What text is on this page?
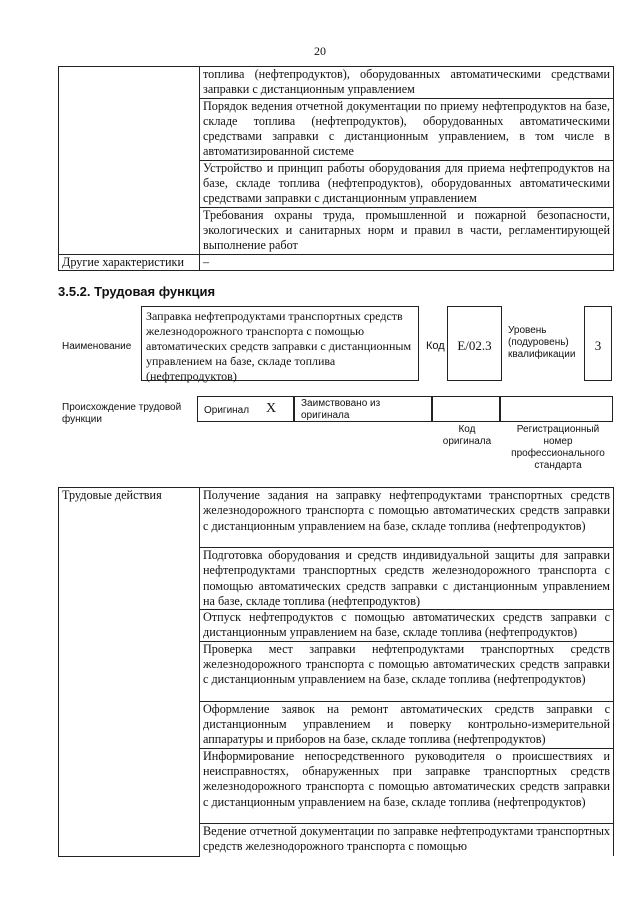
20
	топлива (нефтепродуктов), оборудованных автоматическими средствами заправки с дистанционным управлением
	Порядок ведения отчетной документации по приему нефтепродуктов на базе, складе топлива (нефтепродуктов), оборудованных автоматическими средствами заправки с дистанционным управлением, в том числе в автоматизированной системе
	Устройство и принцип работы оборудования для приема нефтепродуктов на базе, складе топлива (нефтепродуктов), оборудованных автоматическими средствами заправки с дистанционным управлением
	Требования охраны труда, промышленной и пожарной безопасности, экологических и санитарных норм и правил в части, регламентирующей выполнение работ
Другие характеристики	–
3.5.2. Трудовая функция
Наименование
Заправка нефтепродуктами транспортных средств железнодорожного транспорта с помощью автоматических средств заправки с дистанционным управлением на базе, складе топлива (нефтепродуктов)
Код E/02.3
Уровень (подуровень) квалификации
3
Происхождение трудовой функции
Оригинал X Заимствовано из оригинала
Код оригинала
Регистрационный номер профессионального стандарта
Трудовые действия	Получение задания на заправку нефтепродуктами транспортных средств железнодорожного транспорта с помощью автоматических средств заправки с дистанционным управлением на базе, складе топлива (нефтепродуктов)
Подготовка оборудования и средств индивидуальной защиты для заправки нефтепродуктами транспортных средств железнодорожного транспорта с помощью автоматических средств заправки с дистанционным управлением на базе, складе топлива (нефтепродуктов)
Отпуск нефтепродуктов с помощью автоматических средств заправки с дистанционным управлением на базе, складе топлива (нефтепродуктов)
Проверка мест заправки нефтепродуктами транспортных средств железнодорожного транспорта с помощью автоматических средств заправки с дистанционным управлением на базе, складе топлива (нефтепродуктов)
Оформление заявок на ремонт автоматических средств заправки с дистанционным управлением и поверку контрольно-измерительной аппаратуры и приборов на базе, складе топлива (нефтепродуктов)
Информирование непосредственного руководителя о происшествиях и неисправностях, обнаруженных при заправке транспортных средств железнодорожного транспорта с помощью автоматических средств заправки с дистанционным управлением на базе, складе топлива (нефтепродуктов)
Ведение отчетной документации по заправке нефтепродуктами транспортных средств железнодорожного транспорта с помощью
